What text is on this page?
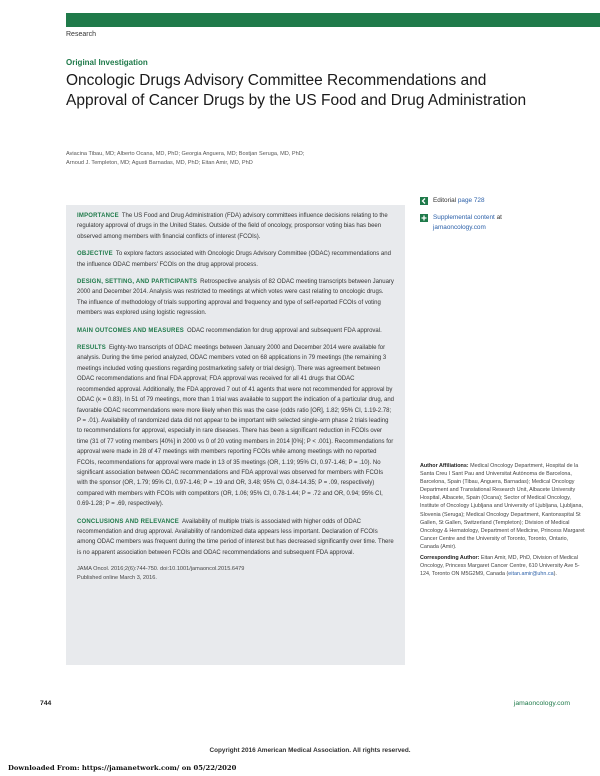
Research
Original Investigation
Oncologic Drugs Advisory Committee Recommendations and Approval of Cancer Drugs by the US Food and Drug Administration
Aviacina Tibau, MD; Alberto Ocana, MD, PhD; Georgia Anguera, MD; Bostjan Seruga, MD, PhD;
Arnoud J. Templeton, MD; Agusti Barnadas, MD, PhD; Eitan Amir, MD, PhD
IMPORTANCE The US Food and Drug Administration (FDA) advisory committees influence decisions relating to the regulatory approval of drugs in the United States. Outside of the field of oncology, prosponsor voting bias has been observed among members with financial conflicts of interest (FCOIs).
OBJECTIVE To explore factors associated with Oncologic Drugs Advisory Committee (ODAC) recommendations and the influence ODAC members' FCOIs on the drug approval process.
DESIGN, SETTING, AND PARTICIPANTS Retrospective analysis of 82 ODAC meeting transcripts between January 2000 and December 2014. Analysis was restricted to meetings at which votes were cast relating to oncologic drugs. The influence of methodology of trials supporting approval and frequency and type of self-reported FCOIs of voting members was explored using logistic regression.
MAIN OUTCOMES AND MEASURES ODAC recommendation for drug approval and subsequent FDA approval.
RESULTS Eighty-two transcripts of ODAC meetings between January 2000 and December 2014 were available for analysis. During the time period analyzed, ODAC members voted on 68 applications in 79 meetings (the remaining 3 meetings included voting questions regarding postmarketing safety or trial design). There was agreement between ODAC recommendations and final FDA approval; FDA approval was received for all 41 drugs that ODAC recommended approval. Additionally, the FDA approved 7 out of 41 agents that were not recommended for approval by ODAC (κ = 0.83). In 51 of 79 meetings, more than 1 trial was available to support the indication of a particular drug, and favorable ODAC recommendations were more likely when this was the case (odds ratio [OR], 1.82; 95% CI, 1.19-2.78; P = .01). Availability of randomized data did not appear to be important with selected single-arm phase 2 trials leading to recommendations for approval, especially in rare diseases. There has been a significant reduction in FCOIs over time (31 of 77 voting members [40%] in 2000 vs 0 of 20 voting members in 2014 [0%]; P < .001). Recommendations for approval were made in 28 of 47 meetings with members reporting FCOIs while among meetings with no reported FCOIs, recommendations for approval were made in 13 of 35 meetings (OR, 1.19; 95% CI, 0.97-1.46; P = .10). No significant association between ODAC recommendations and FDA approval was observed for members with FCOIs with the sponsor (OR, 1.79; 95% CI, 0.97-1.46; P = .19 and OR, 3.48; 95% CI, 0.84-14.35; P = .09, respectively) compared with members with FCOIs with competitors (OR, 1.06; 95% CI, 0.78-1.44; P = .72 and OR, 0.94; 95% CI, 0.69-1.28; P = .69, respectively).
CONCLUSIONS AND RELEVANCE Availability of multiple trials is associated with higher odds of ODAC recommendation and drug approval. Availability of randomized data appears less important. Declaration of FCOIs among ODAC members was frequent during the time period of interest but has decreased significantly over time. There is no apparent association between FCOIs and ODAC recommendations and subsequent FDA approval.
JAMA Oncol. 2016;2(6):744-750. doi:10.1001/jamaoncol.2015.6479
Published online March 3, 2016.
Editorial page 728
Supplemental content at
jamaoncology.com

Author Affiliations: Medical Oncology Department, Hospital de la Santa Creu I Sant Pau and Universitat Autònoma de Barcelona, Barcelona, Spain (Tibau, Anguera, Barnadas); Medical Oncology Department and Translational Research Unit, Albacete University Hospital, Albacete, Spain (Ocana); Sector of Medical Oncology, Institute of Oncology Ljubljana and University of Ljubljana, Ljubljana, Slovenia (Seruga); Medical Oncology Department, Kantonsspital St Gallen, St Gallen, Switzerland (Templeton); Division of Medical Oncology & Hematology, Department of Medicine, Princess Margaret Cancer Centre and the University of Toronto, Toronto, Ontario, Canada (Amir).

Corresponding Author: Eitan Amir, MD, PhD, Division of Medical Oncology, Princess Margaret Cancer Centre, 610 University Ave 5-124, Toronto ON M5G2M9, Canada (eitan.amir@uhn.ca).

744	jamaoncology.com
Copyright 2016 American Medical Association. All rights reserved.
Downloaded From: https://jamanetwork.com/ on 05/22/2020
